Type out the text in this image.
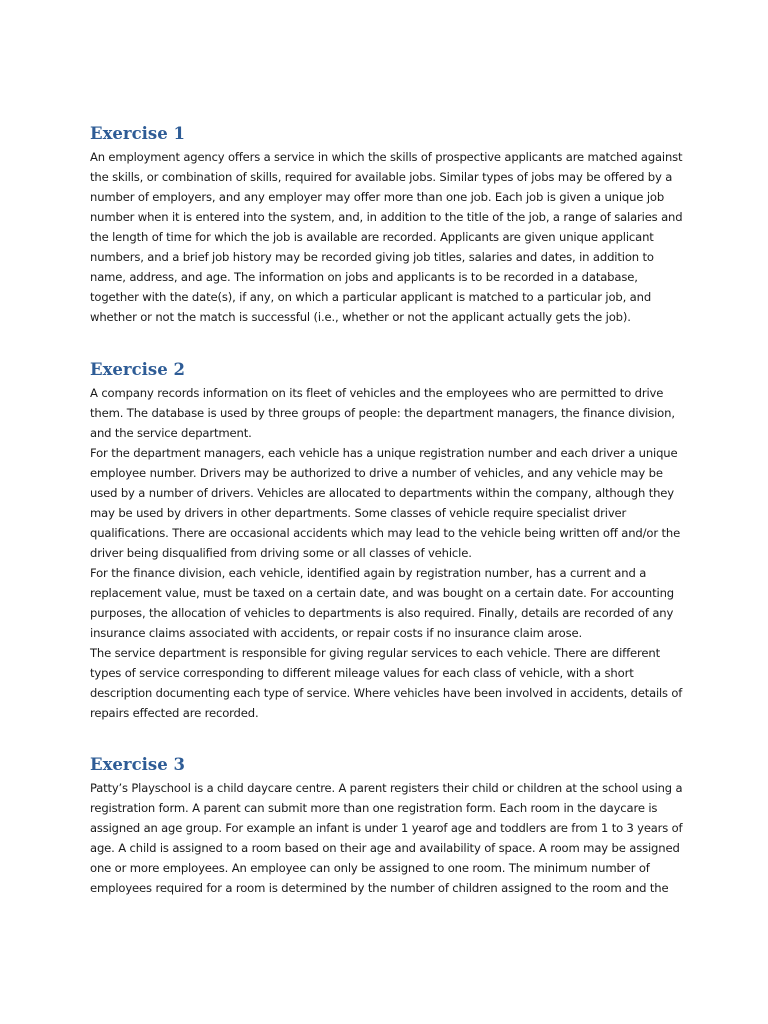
Exercise 1

An employment agency offers a service in which the skills of prospective applicants are matched against
the skills, or combination of skills, required for available jobs. Similar types of jobs may be offered by a
number of employers, and any employer may offer more than one job. Each job is given a unique job
number when it is entered into the system, and, in addition to the title of the job, a range of salaries and
the length of time for which the job is available are recorded. Applicants are given unique applicant
numbers, and a brief job history may be recorded giving job titles, salaries and dates, in addition to
name, address, and age. The information on jobs and applicants is to be recorded in a database,
together with the date(s), if any, on which a particular applicant is matched to a particular job, and
whether or not the match is successful (i.e., whether or not the applicant actually gets the job).

Exercise 2

A company records information on its fleet of vehicles and the employees who are permitted to drive
them. The database is used by three groups of people: the department managers, the finance division,
and the service department.
For the department managers, each vehicle has a unique registration number and each driver a unique
employee number. Drivers may be authorized to drive a number of vehicles, and any vehicle may be
used by a number of drivers. Vehicles are allocated to departments within the company, although they
may be used by drivers in other departments. Some classes of vehicle require specialist driver
qualifications. There are occasional accidents which may lead to the vehicle being written off and/or the
driver being disqualified from driving some or all classes of vehicle.
For the finance division, each vehicle, identified again by registration number, has a current and a
replacement value, must be taxed on a certain date, and was bought on a certain date. For accounting
purposes, the allocation of vehicles to departments is also required. Finally, details are recorded of any
insurance claims associated with accidents, or repair costs if no insurance claim arose.
The service department is responsible for giving regular services to each vehicle. There are different
types of service corresponding to different mileage values for each class of vehicle, with a short
description documenting each type of service. Where vehicles have been involved in accidents, details of
repairs effected are recorded.

Exercise 3

Patty’s Playschool is a child daycare centre. A parent registers their child or children at the school using a
registration form. A parent can submit more than one registration form. Each room in the daycare is
assigned an age group. For example an infant is under 1 yearof age and toddlers are from 1 to 3 years of
age. A child is assigned to a room based on their age and availability of space. A room may be assigned
one or more employees. An employee can only be assigned to one room. The minimum number of
employees required for a room is determined by the number of children assigned to the room and the
